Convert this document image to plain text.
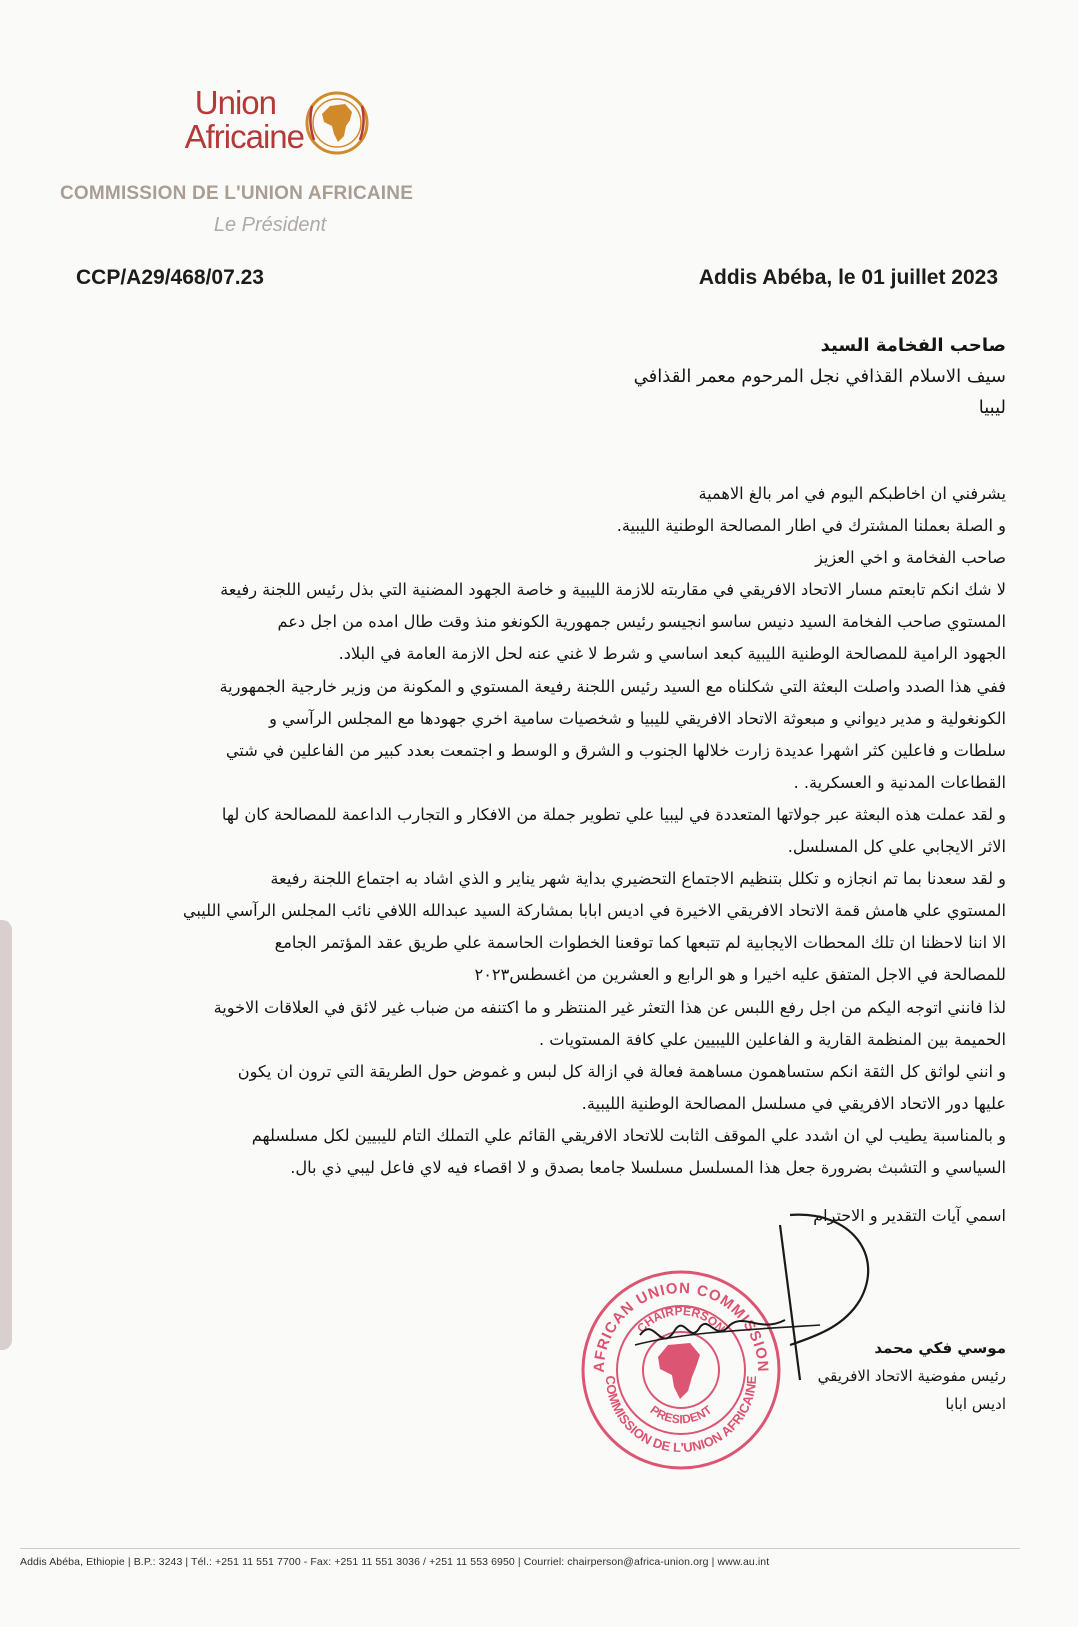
Union
Africaine
COMMISSION DE L'UNION AFRICAINE
Le Président
CCP/A29/468/07.23	Addis Abéba, le 01 juillet 2023
صاحب الفخامة السيد
سيف الاسلام القذافي نجل المرحوم معمر القذافي
ليبيا
يشرفني ان اخاطبكم اليوم في امر بالغ الاهمية
و الصلة بعملنا المشترك في اطار المصالحة الوطنية الليبية.
صاحب الفخامة و اخي العزيز
لا شك انكم تابعتم مسار الاتحاد الافريقي في مقاربته للازمة الليبية و خاصة الجهود المضنية التي بذل رئيس اللجنة رفيعة
المستوي صاحب الفخامة السيد دنيس ساسو انجيسو رئيس جمهورية الكونغو منذ وقت طال امده من اجل دعم
الجهود الرامية للمصالحة الوطنية الليبية كبعد اساسي و شرط لا غني عنه لحل الازمة العامة في البلاد.
ففي هذا الصدد واصلت البعثة التي شكلناه مع السيد رئيس اللجنة رفيعة المستوي و المكونة من وزير خارجية الجمهورية
الكونغولية و مدير ديواني و مبعوثة الاتحاد الافريقي لليبيا و شخصيات سامية اخري جهودها مع المجلس الرآسي و
سلطات و فاعلين كثر اشهرا عديدة زارت خلالها الجنوب و الشرق و الوسط و اجتمعت بعدد كبير من الفاعلين في شتي
القطاعات المدنية و العسكرية. .
و لقد عملت هذه البعثة عبر جولاتها المتعددة في ليبيا علي تطوير جملة من الافكار و التجارب الداعمة للمصالحة كان لها
الاثر الايجابي علي كل المسلسل.
و لقد سعدنا بما تم انجازه و تكلل بتنظيم الاجتماع التحضيري بداية شهر يناير و الذي اشاد به اجتماع اللجنة رفيعة
المستوي علي هامش قمة الاتحاد الافريقي الاخيرة في اديس ابابا بمشاركة السيد عبدالله اللافي نائب المجلس الرآسي الليبي
الا اننا لاحظنا ان تلك المحطات الايجابية لم تتبعها كما توقعنا الخطوات الحاسمة علي طريق عقد المؤتمر الجامع
للمصالحة في الاجل المتفق عليه اخيرا و هو الرابع و العشرين من اغسطس٢٠٢٣
لذا فانني اتوجه اليكم من اجل رفع اللبس عن هذا التعثر غير المنتظر و ما اكتنفه من ضباب غير لائق في العلاقات الاخوية
الحميمة بين المنظمة القارية و الفاعلين الليبيين علي كافة المستويات .
و انني لواثق كل الثقة انكم ستساهمون مساهمة فعالة في ازالة كل لبس و غموض حول الطريقة التي ترون ان يكون
عليها دور الاتحاد الافريقي في مسلسل المصالحة الوطنية الليبية.
و بالمناسبة يطيب لي ان اشدد علي الموقف الثابت للاتحاد الافريقي القائم علي التملك التام لليبيين لكل مسلسلهم
السياسي و التشبث بضرورة جعل هذا المسلسل مسلسلا جامعا بصدق و لا اقصاء فيه لاي فاعل ليبي ذي بال.
اسمي آيات التقدير و الاحترام
AFRICAN UNION COMMISSION
COMMISSION DE L'UNION AFRICAINE
CHAIRPERSON
PRESIDENT
موسي فكي محمد
رئيس مفوضية الاتحاد الافريقي
اديس ابابا
Addis Abéba, Ethiopie | B.P.: 3243 | Tél.: +251 11 551 7700 - Fax: +251 11 551 3036 / +251 11 553 6950 | Courriel: chairperson@africa-union.org | www.au.int
